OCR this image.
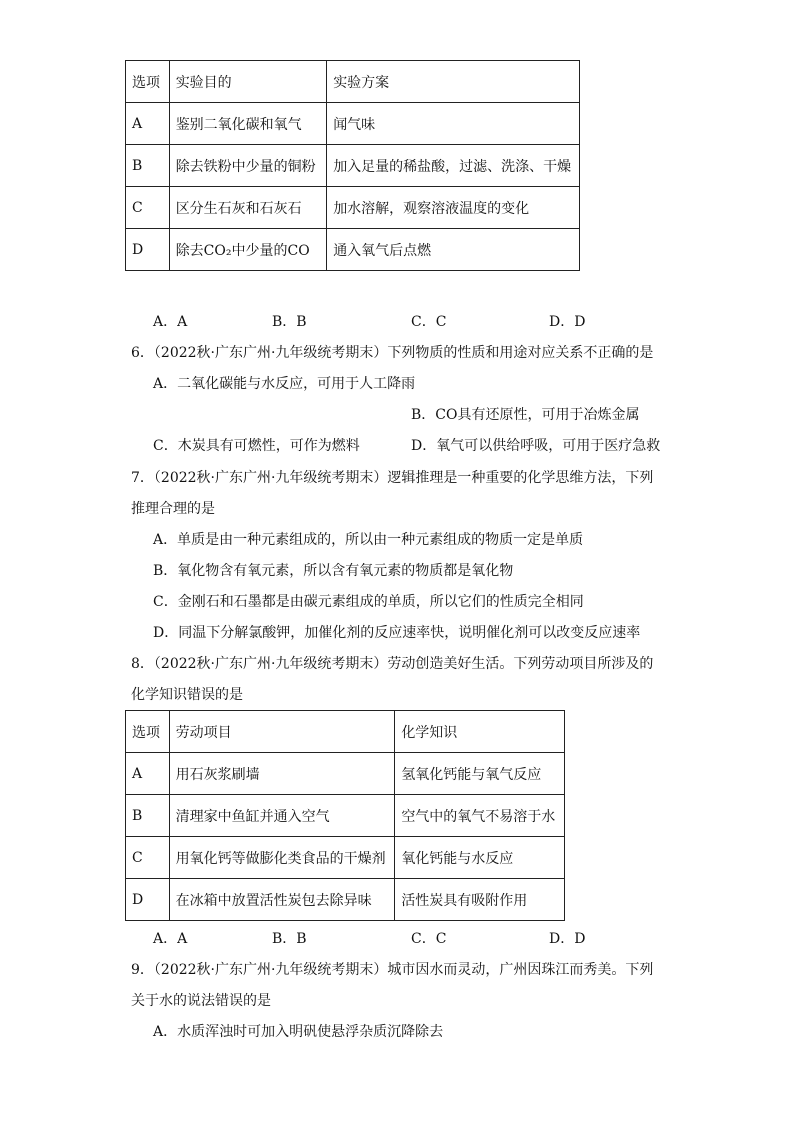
选项	实验目的	实验方案
A	鉴别二氧化碳和氧气	闻气味
B	除去铁粉中少量的铜粉	加入足量的稀盐酸，过滤、洗涤、干燥
C	区分生石灰和石灰石	加水溶解，观察溶液温度的变化
D	除去CO₂中少量的CO	通入氧气后点燃
A．A	B．B	C．C	D．D
6．（2022秋·广东广州·九年级统考期末）下列物质的性质和用途对应关系不正确的是
A．二氧化碳能与水反应，可用于人工降雨
B．CO具有还原性，可用于冶炼金属
C．木炭具有可燃性，可作为燃料	D．氧气可以供给呼吸，可用于医疗急救
7．（2022秋·广东广州·九年级统考期末）逻辑推理是一种重要的化学思维方法，下列
推理合理的是
A．单质是由一种元素组成的，所以由一种元素组成的物质一定是单质
B．氧化物含有氧元素，所以含有氧元素的物质都是氧化物
C．金刚石和石墨都是由碳元素组成的单质，所以它们的性质完全相同
D．同温下分解氯酸钾，加催化剂的反应速率快，说明催化剂可以改变反应速率
8．（2022秋·广东广州·九年级统考期末）劳动创造美好生活。下列劳动项目所涉及的
化学知识错误的是
选项	劳动项目	化学知识
A	用石灰浆刷墙	氢氧化钙能与氧气反应
B	清理家中鱼缸并通入空气	空气中的氧气不易溶于水
C	用氧化钙等做膨化类食品的干燥剂	氧化钙能与水反应
D	在冰箱中放置活性炭包去除异味	活性炭具有吸附作用
A．A	B．B	C．C	D．D
9．（2022秋·广东广州·九年级统考期末）城市因水而灵动，广州因珠江而秀美。下列
关于水的说法错误的是
A．水质浑浊时可加入明矾使悬浮杂质沉降除去
